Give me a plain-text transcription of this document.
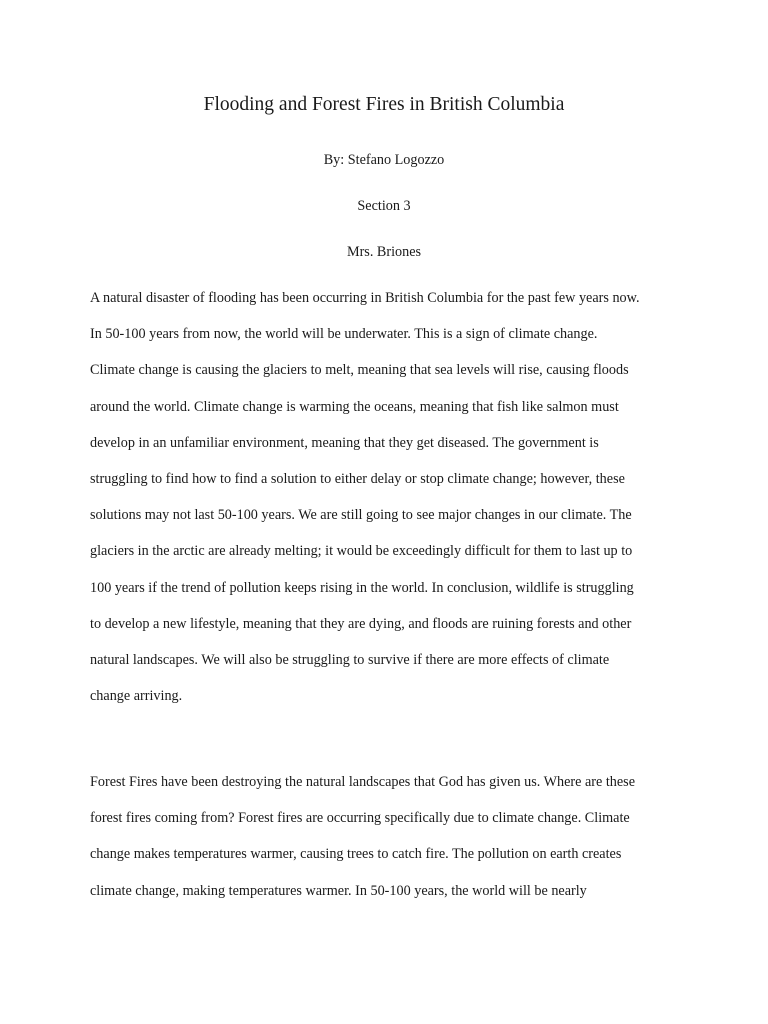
Flooding and Forest Fires in British Columbia

By: Stefano Logozzo

Section 3

Mrs. Briones

A natural disaster of flooding has been occurring in British Columbia for the past few years now.
In 50-100 years from now, the world will be underwater. This is a sign of climate change.
Climate change is causing the glaciers to melt, meaning that sea levels will rise, causing floods
around the world. Climate change is warming the oceans, meaning that fish like salmon must
develop in an unfamiliar environment, meaning that they get diseased. The government is
struggling to find how to find a solution to either delay or stop climate change; however, these
solutions may not last 50-100 years. We are still going to see major changes in our climate. The
glaciers in the arctic are already melting; it would be exceedingly difficult for them to last up to
100 years if the trend of pollution keeps rising in the world. In conclusion, wildlife is struggling
to develop a new lifestyle, meaning that they are dying, and floods are ruining forests and other
natural landscapes. We will also be struggling to survive if there are more effects of climate
change arriving.

Forest Fires have been destroying the natural landscapes that God has given us. Where are these
forest fires coming from? Forest fires are occurring specifically due to climate change. Climate
change makes temperatures warmer, causing trees to catch fire. The pollution on earth creates
climate change, making temperatures warmer. In 50-100 years, the world will be nearly
